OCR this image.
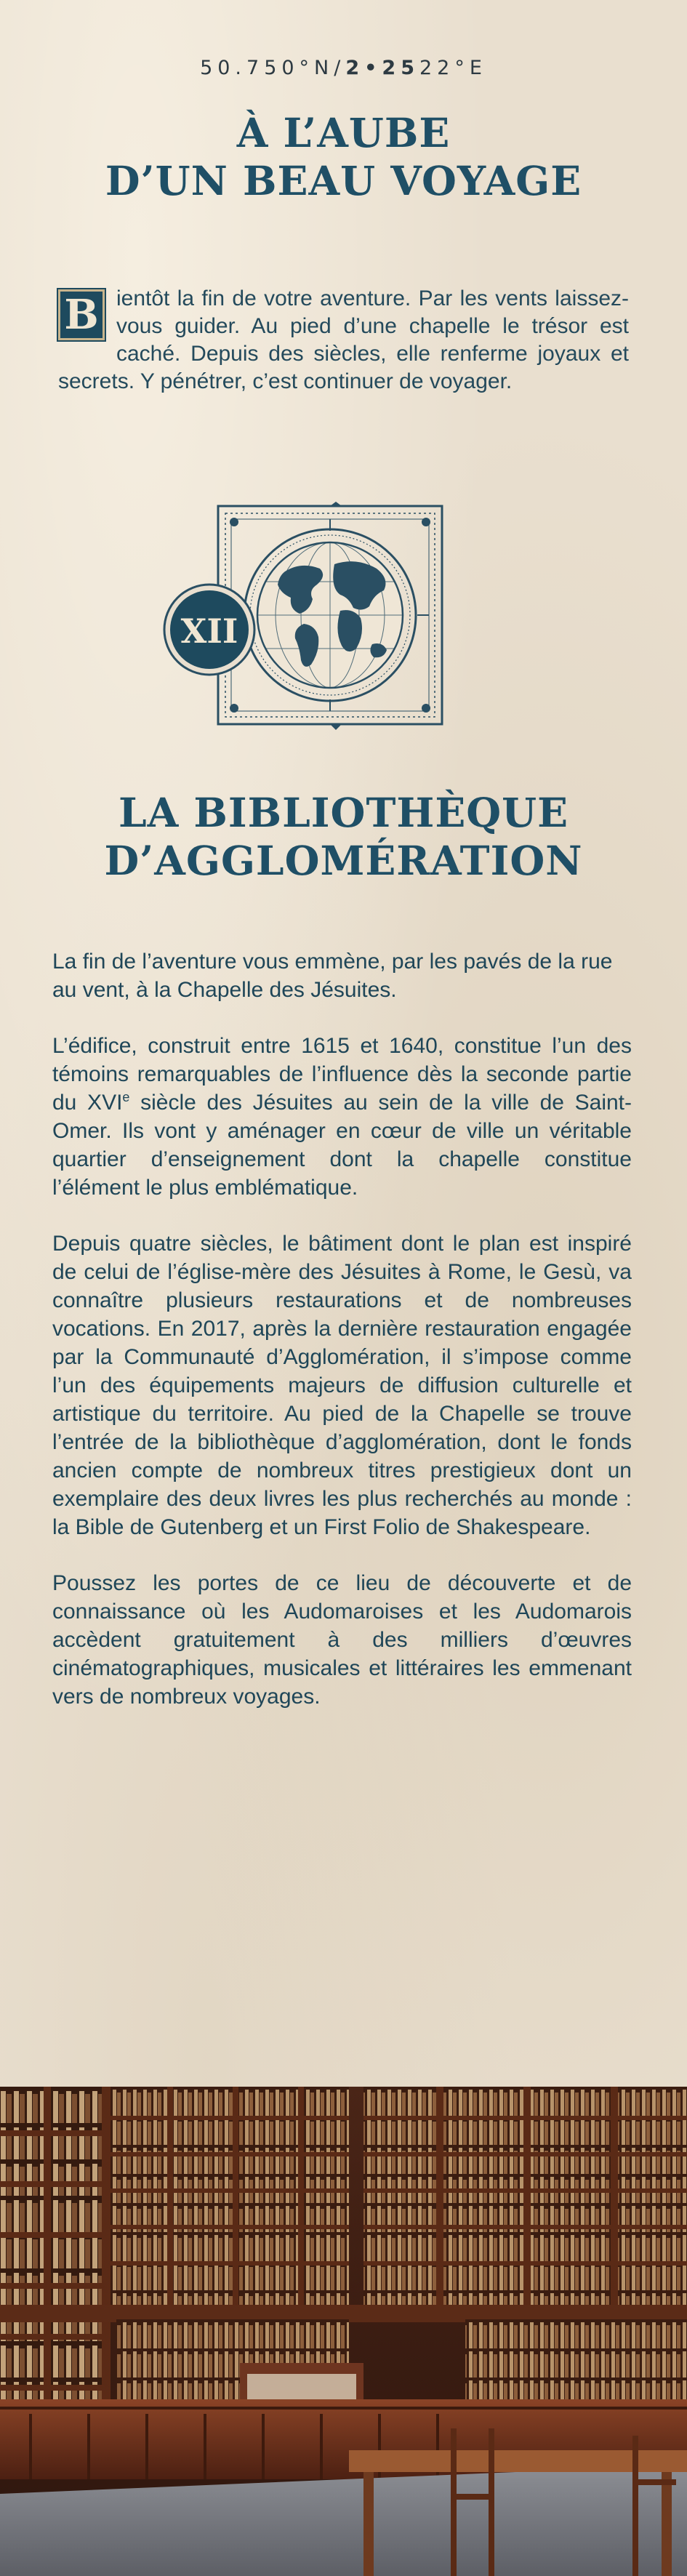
50.750°N/2•2522°E
À L’AUBE
D’UN BEAU VOYAGE
B ientôt la fin de votre aventure. Par les vents laissez-vous guider. Au pied d’une chapelle le trésor est caché. Depuis des siècles, elle renferme joyaux et secrets. Y pénétrer, c’est continuer de voyager.
XII
LA BIBLIOTHÈQUE
D’AGGLOMÉRATION

La fin de l’aventure vous emmène, par les pavés de la rue au vent, à la Chapelle des Jésuites.

L’édifice, construit entre 1615 et 1640, constitue l’un des témoins remarquables de l’influence dès la seconde partie du XVIe siècle des Jésuites au sein de la ville de Saint-Omer. Ils vont y aménager en cœur de ville un véritable quartier d’enseignement dont la chapelle constitue l’élément le plus emblématique.

Depuis quatre siècles, le bâtiment dont le plan est inspiré de celui de l’église-mère des Jésuites à Rome, le Gesù, va connaître plusieurs restaurations et de nombreuses vocations. En 2017, après la dernière restauration engagée par la Communauté d’Agglomération, il s’impose comme l’un des équipements majeurs de diffusion culturelle et artistique du territoire. Au pied de la Chapelle se trouve l’entrée de la bibliothèque d’agglomération, dont le fonds ancien compte de nombreux titres prestigieux dont un exemplaire des deux livres les plus recherchés au monde : la Bible de Gutenberg et un First Folio de Shakespeare.

Poussez les portes de ce lieu de découverte et de connaissance où les Audomaroises et les Audomarois accèdent gratuitement à des milliers d’œuvres cinématographiques, musicales et littéraires les emmenant vers de nombreux voyages.
